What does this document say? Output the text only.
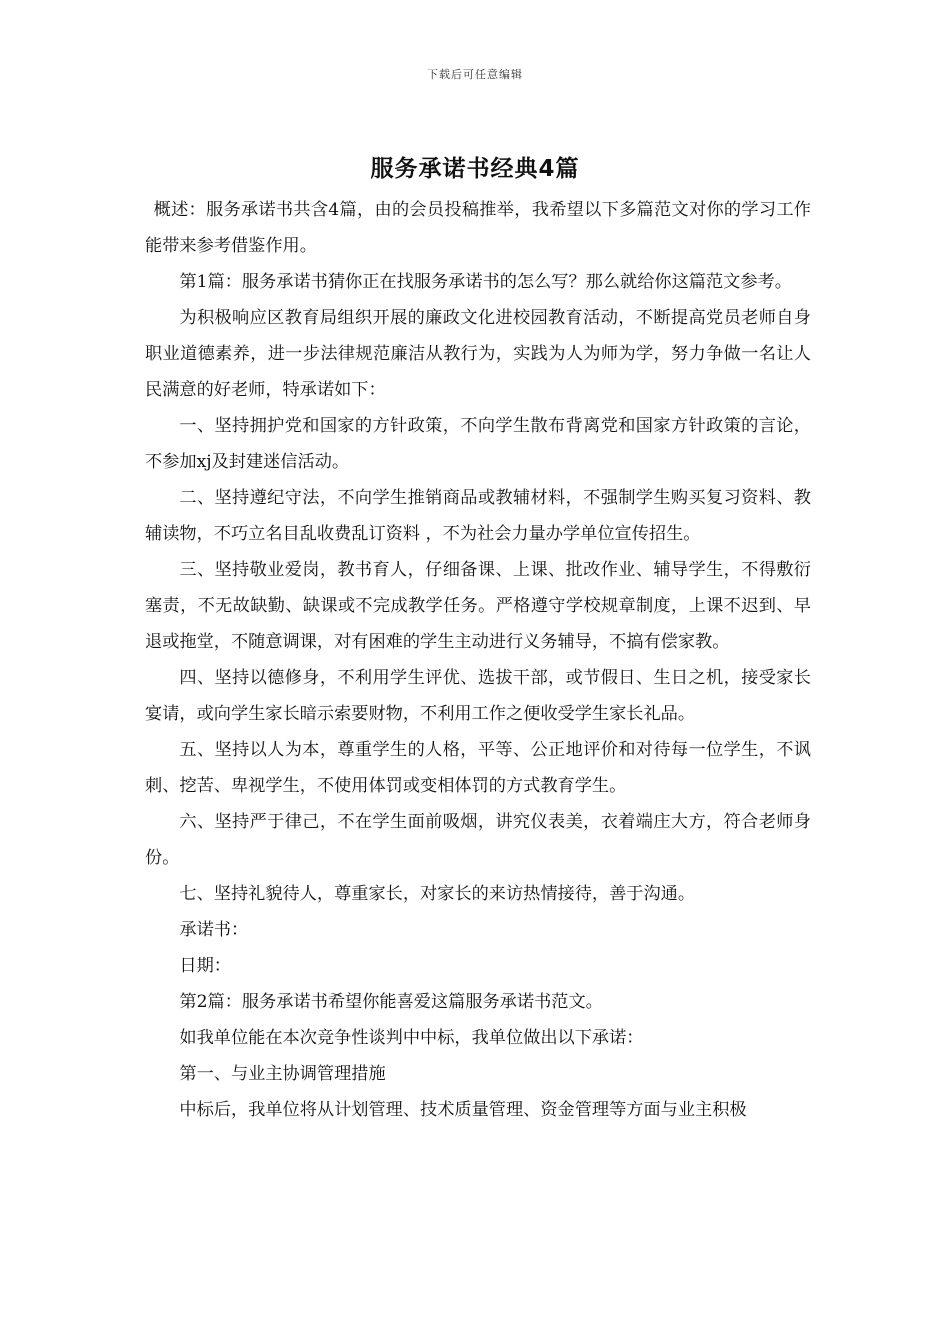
下载后可任意编辑
服务承诺书经典4篇

概述：服务承诺书共含4篇，由的会员投稿推举，我希望以下多篇范文对你的学习工作能带来参考借鉴作用。

第1篇：服务承诺书猜你正在找服务承诺书的怎么写？那么就给你这篇范文参考。

为积极响应区教育局组织开展的廉政文化进校园教育活动，不断提高党员老师自身职业道德素养，进一步法律规范廉洁从教行为，实践为人为师为学，努力争做一名让人民满意的好老师，特承诺如下：

一、坚持拥护党和国家的方针政策，不向学生散布背离党和国家方针政策的言论，不参加xj及封建迷信活动。

二、坚持遵纪守法，不向学生推销商品或教辅材料，不强制学生购买复习资料、教辅读物，不巧立名目乱收费乱订资料 ，不为社会力量办学单位宣传招生。

三、坚持敬业爱岗，教书育人，仔细备课、上课、批改作业、辅导学生，不得敷衍塞责，不无故缺勤、缺课或不完成教学任务。严格遵守学校规章制度，上课不迟到、早退或拖堂，不随意调课，对有困难的学生主动进行义务辅导，不搞有偿家教。

四、坚持以德修身，不利用学生评优、选拔干部，或节假日、生日之机，接受家长宴请，或向学生家长暗示索要财物，不利用工作之便收受学生家长礼品。

五、坚持以人为本，尊重学生的人格，平等、公正地评价和对待每一位学生，不讽刺、挖苦、卑视学生，不使用体罚或变相体罚的方式教育学生。

六、坚持严于律己，不在学生面前吸烟，讲究仪表美，衣着端庄大方，符合老师身份。

七、坚持礼貌待人，尊重家长，对家长的来访热情接待，善于沟通。

承诺书：

日期：

第2篇：服务承诺书希望你能喜爱这篇服务承诺书范文。

如我单位能在本次竞争性谈判中中标，我单位做出以下承诺：

第一、与业主协调管理措施

中标后，我单位将从计划管理、技术质量管理、资金管理等方面与业主积极
